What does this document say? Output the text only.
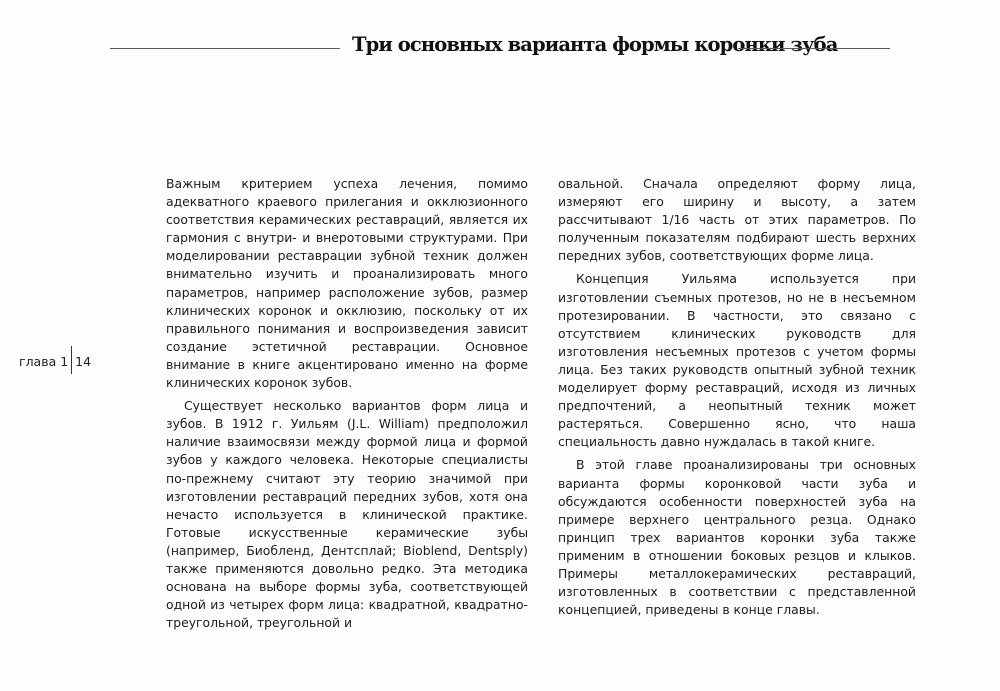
Три основных варианта формы коронки зуба
глава 1 14

Важным критерием успеха лечения, помимо адекватного краевого прилегания и окклюзионного соответствия керамических реставраций, является их гармония с внутри- и внеротовыми структурами. При моделировании реставрации зубной техник должен внимательно изучить и проанализировать много параметров, например расположение зубов, размер клинических коронок и окклюзию, поскольку от их правильного понимания и воспроизведения зависит создание эстетичной реставрации. Основное внимание в книге акцентировано именно на форме клинических коронок зубов.

Существует несколько вариантов форм лица и зубов. В 1912 г. Уильям (J.L. William) предположил наличие взаимосвязи между формой лица и формой зубов у каждого человека. Некоторые специалисты по-прежнему считают эту теорию значимой при изготовлении реставраций передних зубов, хотя она нечасто используется в клинической практике. Готовые искусственные керамические зубы (например, Биобленд, Дентсплай; Bioblend, Dentsply) также применяются довольно редко. Эта методика основана на выборе формы зуба, соответствующей одной из четырех форм лица: квадратной, квадратно-треугольной, треугольной и

овальной. Сначала определяют форму лица, измеряют его ширину и высоту, а затем рассчитывают 1/16 часть от этих параметров. По полученным показателям подбирают шесть верхних передних зубов, соответствующих форме лица.

Концепция Уильяма используется при изготовлении съемных протезов, но не в несъемном протезировании. В частности, это связано с отсутствием клинических руководств для изготовления несъемных протезов с учетом формы лица. Без таких руководств опытный зубной техник моделирует форму реставраций, исходя из личных предпочтений, а неопытный техник может растеряться. Совершенно ясно, что наша специальность давно нуждалась в такой книге.

В этой главе проанализированы три основных варианта формы коронковой части зуба и обсуждаются особенности поверхностей зуба на примере верхнего центрального резца. Однако принцип трех вариантов коронки зуба также применим в отношении боковых резцов и клыков. Примеры металлокерамических реставраций, изготовленных в соответствии с представленной концепцией, приведены в конце главы.
